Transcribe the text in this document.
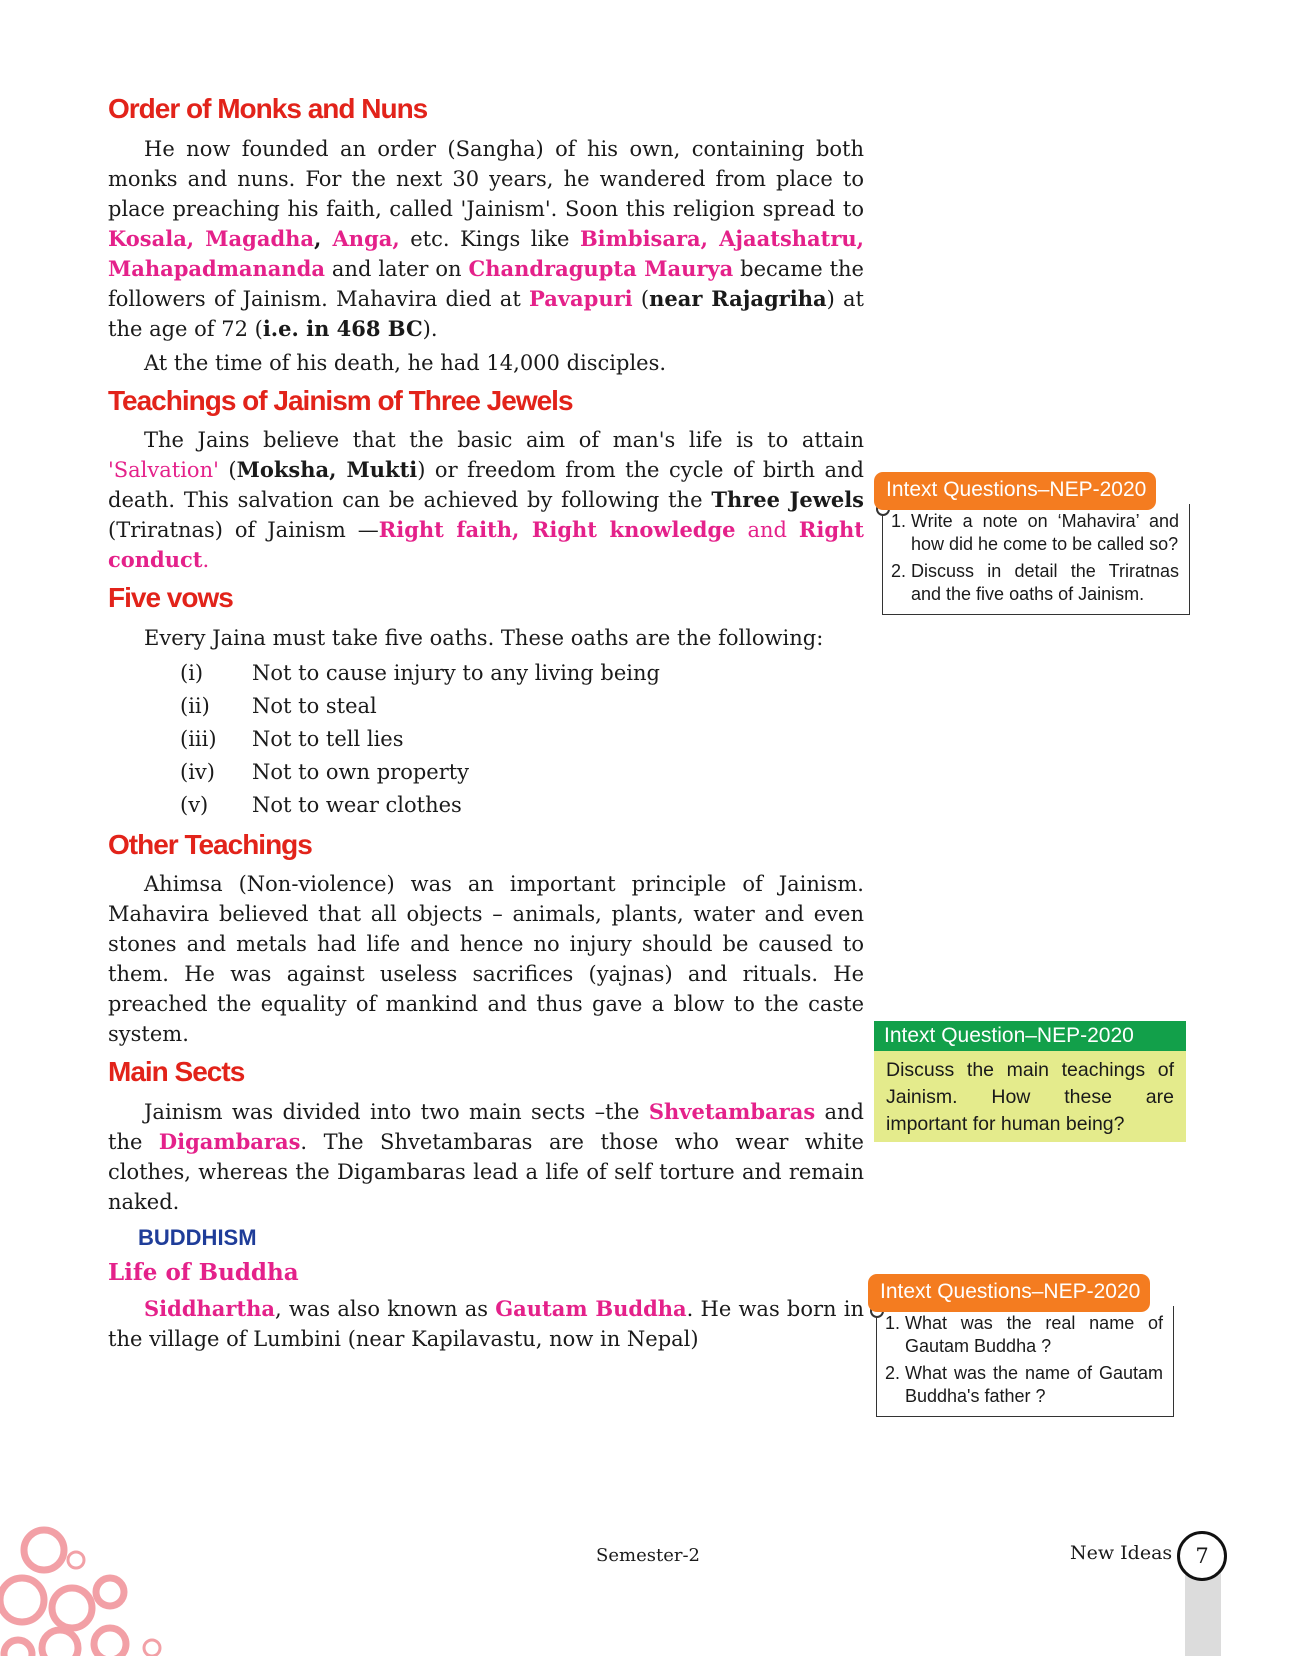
Order of Monks and Nuns

He now founded an order (Sangha) of his own, containing both monks and nuns. For the next 30 years, he wandered from place to place preaching his faith, called 'Jainism'. Soon this religion spread to Kosala, Magadha, Anga, etc. Kings like Bimbisara, Ajaatshatru, Mahapadmananda and later on Chandragupta Maurya became the followers of Jainism. Mahavira died at Pavapuri (near Rajagriha) at the age of 72 (i.e. in 468 BC).

At the time of his death, he had 14,000 disciples.

Teachings of Jainism of Three Jewels

The Jains believe that the basic aim of man's life is to attain 'Salvation' (Moksha, Mukti) or freedom from the cycle of birth and death. This salvation can be achieved by following the Three Jewels (Triratnas) of Jainism —Right faith, Right knowledge and Right conduct.

Five vows

Every Jaina must take five oaths. These oaths are the following:

(i)	Not to cause injury to any living being
(ii)	Not to steal
(iii)	Not to tell lies
(iv)	Not to own property
(v)	Not to wear clothes
Other Teachings

Ahimsa (Non-violence) was an important principle of Jainism. Mahavira believed that all objects – animals, plants, water and even stones and metals had life and hence no injury should be caused to them. He was against useless sacrifices (yajnas) and rituals. He preached the equality of mankind and thus gave a blow to the caste system.

Main Sects

Jainism was divided into two main sects –the Shvetambaras and the Digambaras. The Shvetambaras are those who wear white clothes, whereas the Digambaras lead a life of self torture and remain naked.

BUDDHISM
Life of Buddha

Siddhartha, was also known as Gautam Buddha. He was born in the village of Lumbini (near Kapilavastu, now in Nepal)

Intext Questions–NEP-2020
1. Write a note on ‘Mahavira’ and how did he come to be called so?
2. Discuss in detail the Triratnas and the five oaths of Jainism.
Intext Question–NEP-2020
Discuss the main teachings of Jainism. How these are important for human being?
Intext Questions–NEP-2020
1. What was the real name of Gautam Buddha ?
2. What was the name of Gautam Buddha's father ?
Semester-2	New Ideas	7
